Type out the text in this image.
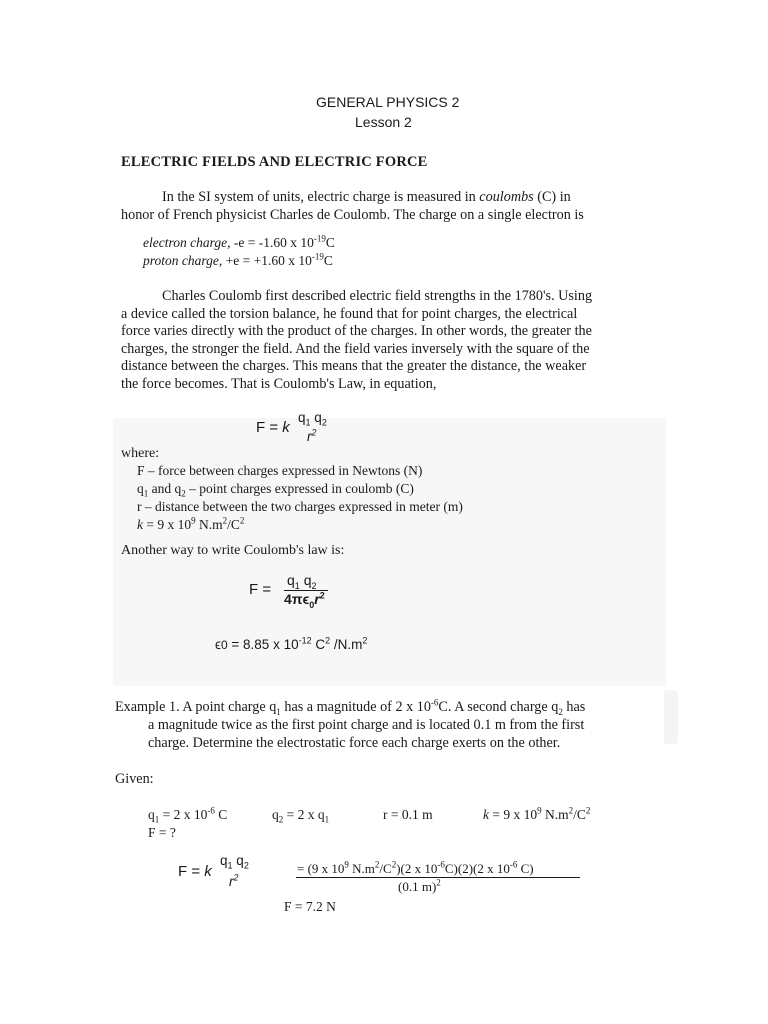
GENERAL PHYSICS 2
Lesson 2
ELECTRIC FIELDS AND ELECTRIC FORCE
In the SI system of units, electric charge is measured in coulombs (C) in
honor of French physicist Charles de Coulomb. The charge on a single electron is
electron charge, -e = -1.60 x $10^{-19}C$
proton charge, +e = +1.60 x $10^{-19}C$
Charles Coulomb first described electric field strengths in the 1780's. Using
a device called the torsion balance, he found that for point charges, the electrical
force varies directly with the product of the charges. In other words, the greater the
charges, the stronger the field. And the field varies inversely with the square of the
distance between the charges. This means that the greater the distance, the weaker
the force becomes. That is Coulomb's Law, in equation,
F = k
$q_1$ $q_2$
$r^2$
where:
F – force between charges expressed in Newtons (N)
$q_1$ and $q_2$ – point charges expressed in coulomb (C)
r – distance between the two charges expressed in meter (m)
k = 9 x $10^9$ $N.m^2/C^2$
Another way to write Coulomb's law is:
F =
$q_1$ $q_2$
$4\pi\epsilon_0r^2$
ϵ0 = 8.85 x $10^{-12}$ $C^2$ $/N.m^2$
Example 1. A point charge $q_1$ has a magnitude of 2 x $10^{-6}C$. A second charge $q_2$ has
a magnitude twice as the first point charge and is located 0.1 m from the first
charge. Determine the electrostatic force each charge exerts on the other.
Given:
$q_1 = 2$ x $10^{-6}$ C	$q_2 = 2$ x $q_1$	r = 0.1 m	k = 9 x $10^9$ $N.m^2/C^2$
F = ?
F = k
$q_1$ $q_2$
$r^2$
= (9 x $10^9$ $N.m^2/C^2)(2$ x $10^{-6}C)(2)(2$ x $10^{-6}$ C)
(0.1 m)$^2$
F = 7.2 N
